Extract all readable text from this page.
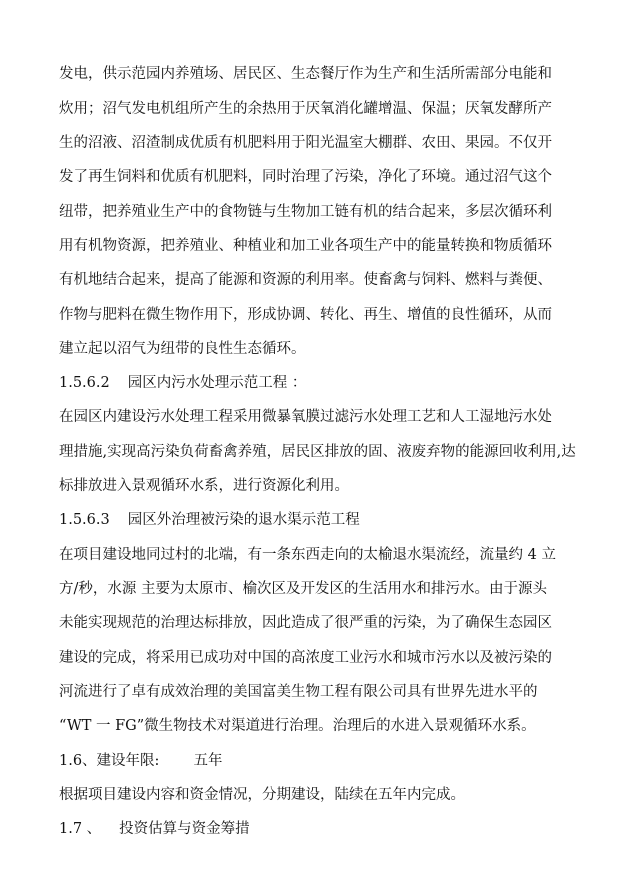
发电，供示范园内养殖场、居民区、生态餐厅作为生产和生活所需部分电能和
炊用；沼气发电机组所产生的余热用于厌氧消化罐增温、保温；厌氧发酵所产
生的沼液、沼渣制成优质有机肥料用于阳光温室大棚群、农田、果园。不仅开
发了再生饲料和优质有机肥料，同时治理了污染，净化了环境。通过沼气这个
纽带，把养殖业生产中的食物链与生物加工链有机的结合起来，多层次循环利
用有机物资源，把养殖业、种植业和加工业各项生产中的能量转换和物质循环
有机地结合起来，提高了能源和资源的利用率。使畜禽与饲料、燃料与粪便、
作物与肥料在微生物作用下，形成协调、转化、再生、增值的良性循环，从而
建立起以沼气为纽带的良性生态循环。
1.5.6.2 园区内污水处理示范工程 ：
在园区内建设污水处理工程采用微暴氧膜过滤污水处理工艺和人工湿地污水处
理措施,实现高污染负荷畜禽养殖，居民区排放的固、液废弃物的能源回收利用,达
标排放进入景观循环水系，进行资源化利用。
1.5.6.3 园区外治理被污染的退水渠示范工程
在项目建设地同过村的北端，有一条东西走向的太榆退水渠流经，流量约 4 立
方/秒，水源 主要为太原市、榆次区及开发区的生活用水和排污水。由于源头
未能实现规范的治理达标排放，因此造成了很严重的污染，为了确保生态园区
建设的完成，将采用已成功对中国的高浓度工业污水和城市污水以及被污染的
河流进行了卓有成效治理的美国富美生物工程有限公司具有世界先进水平的
“WT 一 FG”微生物技术对渠道进行治理。治理后的水进入景观循环水系。
1.6、建设年限: 五年
根据项目建设内容和资金情况，分期建设，陆续在五年内完成。
1.7 、 投资估算与资金筹措
